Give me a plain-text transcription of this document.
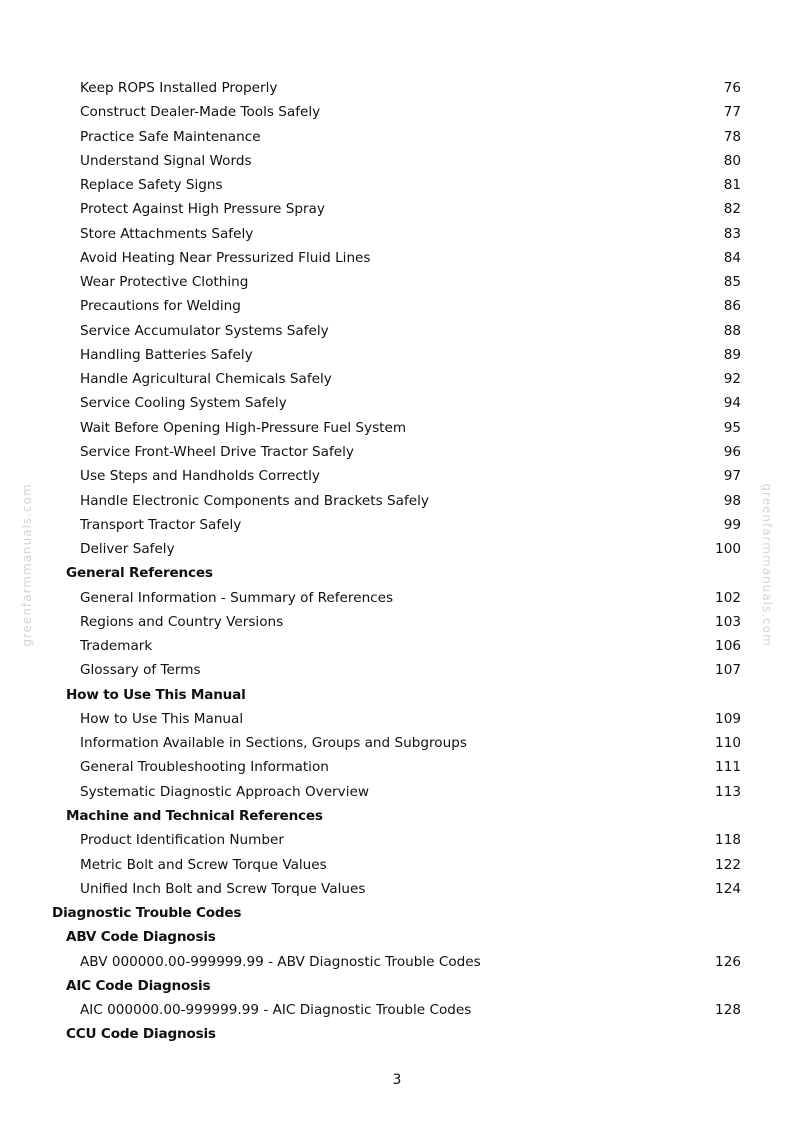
Keep ROPS Installed Properly	76
Construct Dealer-Made Tools Safely	77
Practice Safe Maintenance	78
Understand Signal Words	80
Replace Safety Signs	81
Protect Against High Pressure Spray	82
Store Attachments Safely	83
Avoid Heating Near Pressurized Fluid Lines	84
Wear Protective Clothing	85
Precautions for Welding	86
Service Accumulator Systems Safely	88
Handling Batteries Safely	89
Handle Agricultural Chemicals Safely	92
Service Cooling System Safely	94
Wait Before Opening High-Pressure Fuel System	95
Service Front-Wheel Drive Tractor Safely	96
Use Steps and Handholds Correctly	97
Handle Electronic Components and Brackets Safely	98
Transport Tractor Safely	99
Deliver Safely	100
General References
General Information - Summary of References	102
Regions and Country Versions	103
Trademark	106
Glossary of Terms	107
How to Use This Manual
How to Use This Manual	109
Information Available in Sections, Groups and Subgroups	110
General Troubleshooting Information	111
Systematic Diagnostic Approach Overview	113
Machine and Technical References
Product Identification Number	118
Metric Bolt and Screw Torque Values	122
Unified Inch Bolt and Screw Torque Values	124
Diagnostic Trouble Codes
ABV Code Diagnosis
ABV 000000.00-999999.99 - ABV Diagnostic Trouble Codes	126
AIC Code Diagnosis
AIC 000000.00-999999.99 - AIC Diagnostic Trouble Codes	128
CCU Code Diagnosis
greenfarmmanuals.com	greenfarmmanuals.com
3
